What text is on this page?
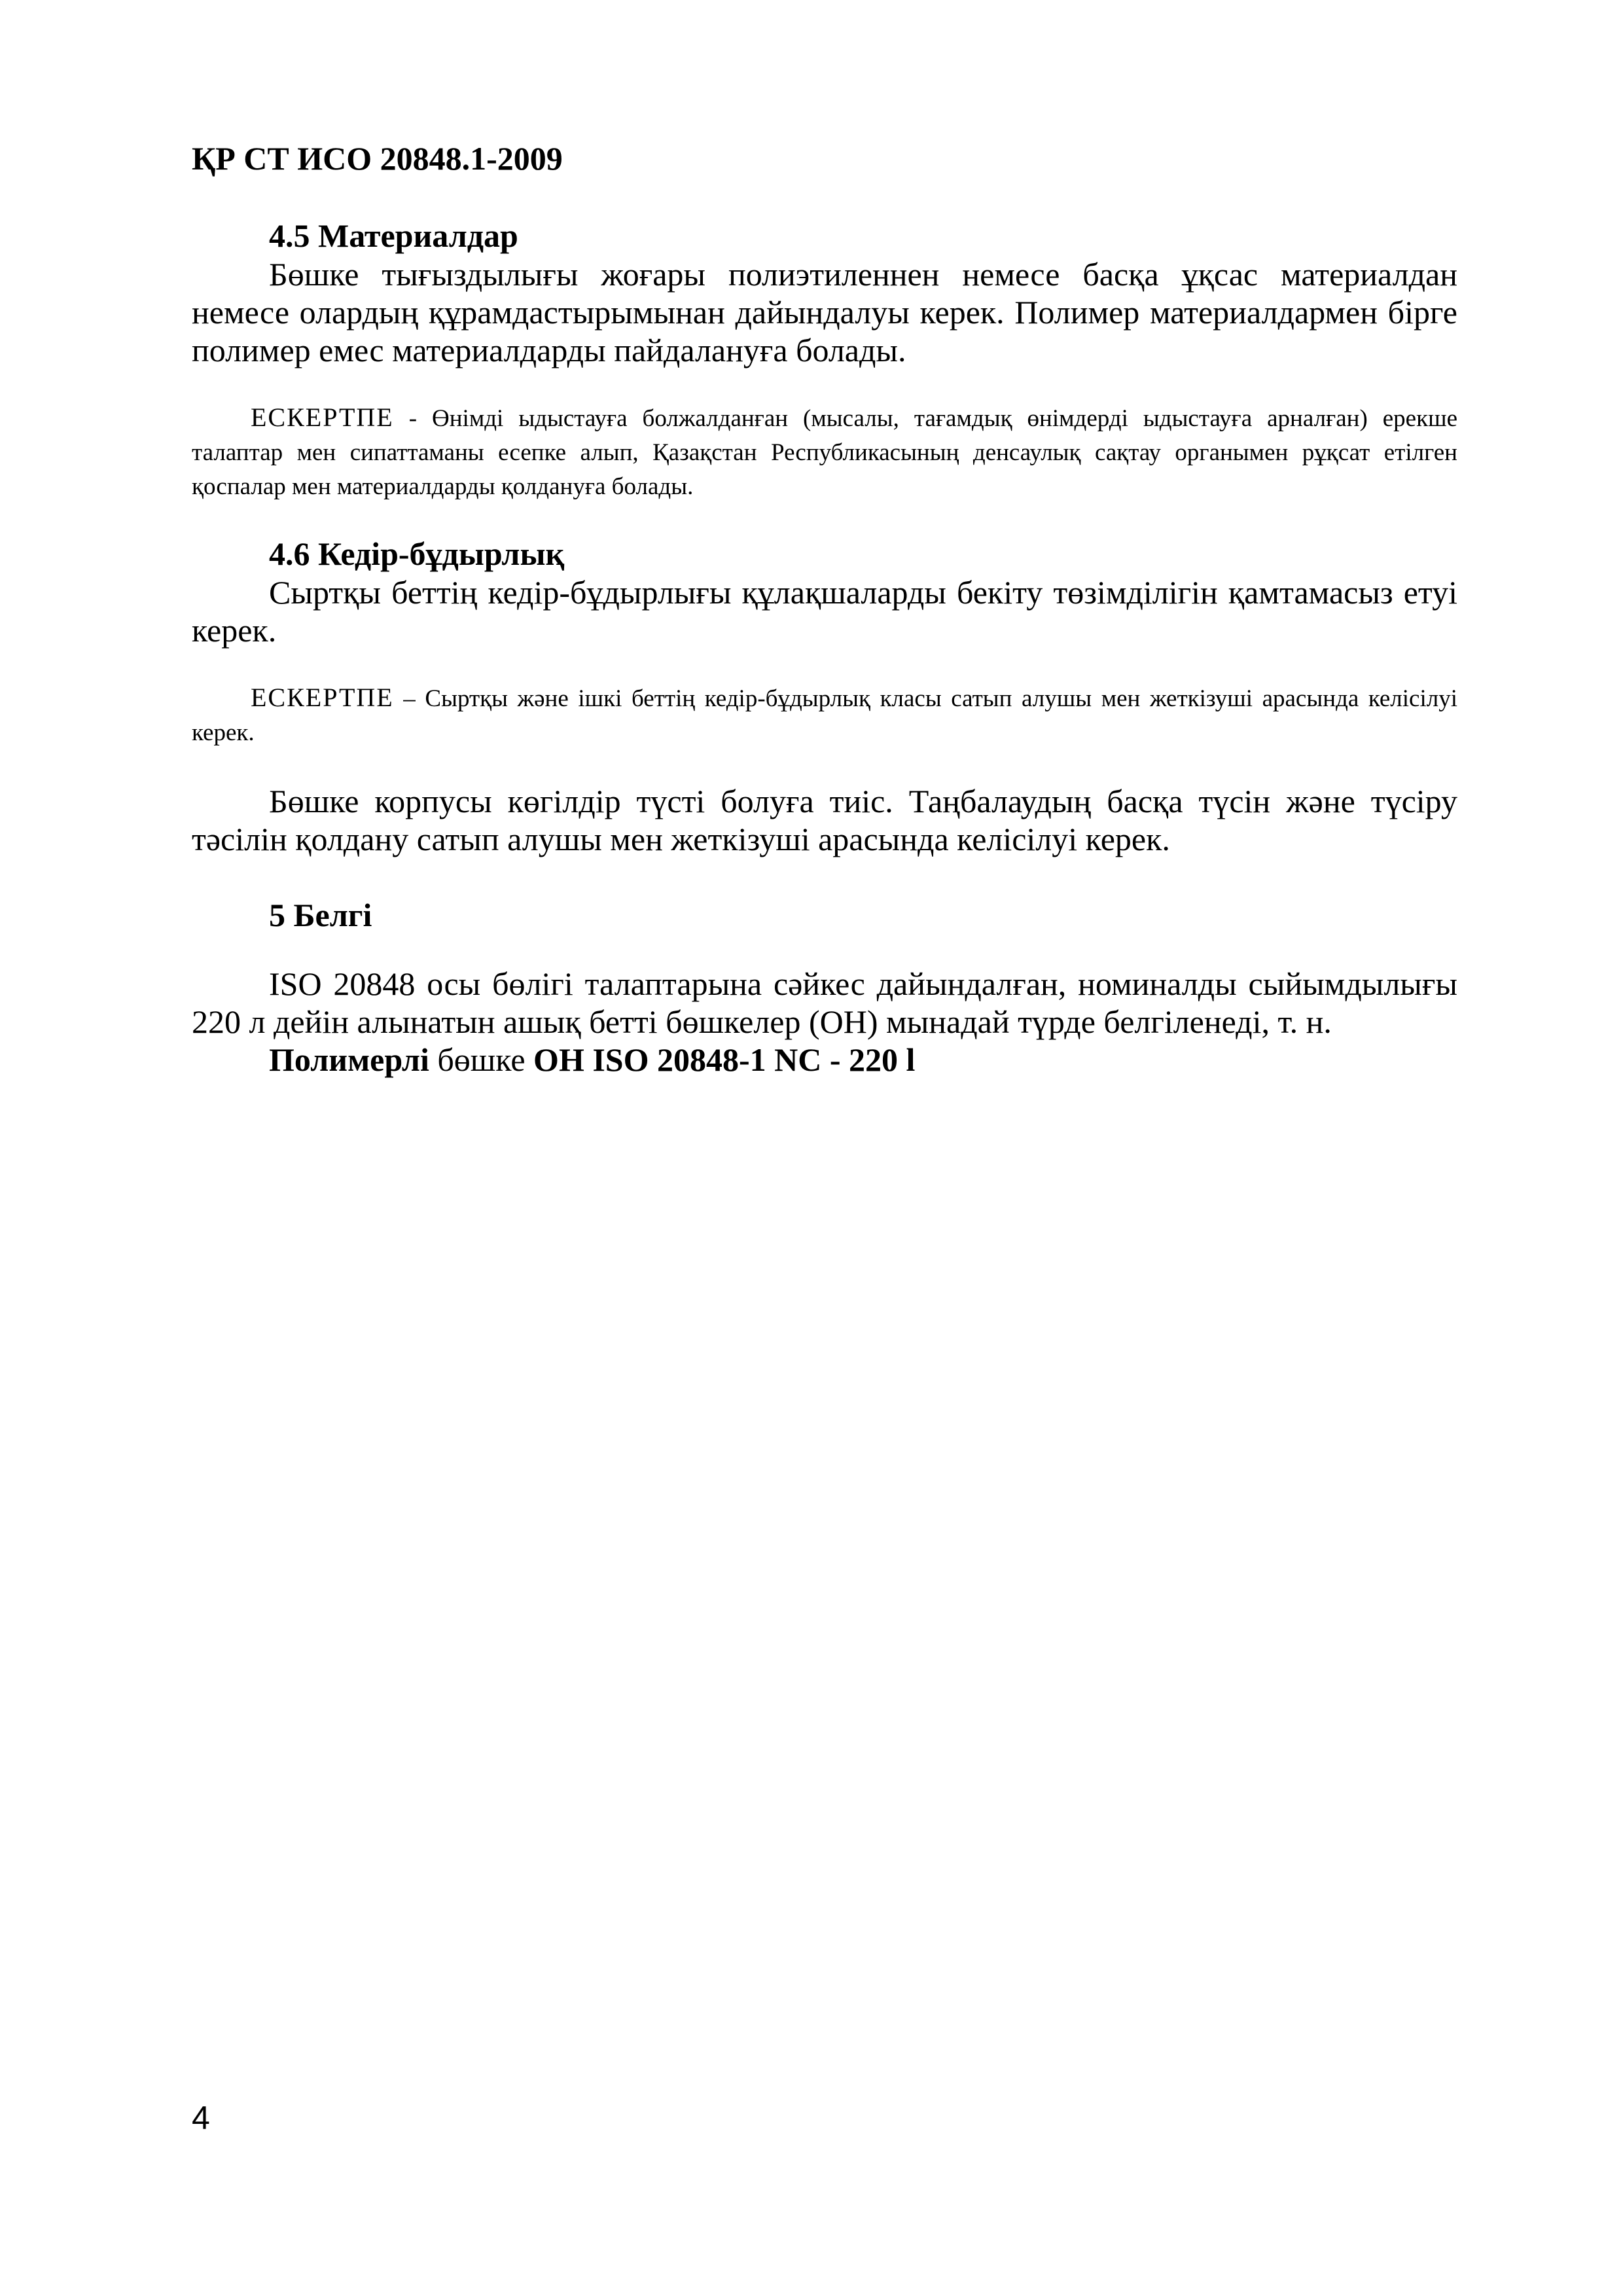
ҚР СТ ИСО 20848.1-2009
4.5 Материалдар

Бөшке тығыздылығы жоғары полиэтиленнен немесе басқа ұқсас материалдан немесе олардың құрамдастырымынан дайындалуы керек. Полимер материалдармен бірге полимер емес материалдарды пайдалануға болады.

ЕСКЕРТПЕ - Өнімді ыдыстауға болжалданған (мысалы, тағамдық өнімдерді ыдыстауға арналған) ерекше талаптар мен сипаттаманы есепке алып, Қазақстан Республикасының денсаулық сақтау органымен рұқсат етілген қоспалар мен материалдарды қолдануға болады.

4.6 Кедір-бұдырлық

Сыртқы беттің кедір-бұдырлығы құлақшаларды бекіту төзімділігін қамтамасыз етуі керек.

ЕСКЕРТПЕ – Сыртқы және ішкі беттің кедір-бұдырлық класы сатып алушы мен жеткізуші арасында келісілуі керек.

Бөшке корпусы көгілдір түсті болуға тиіс. Таңбалаудың басқа түсін және түсіру тәсілін қолдану сатып алушы мен жеткізуші арасында келісілуі керек.

5 Белгі

ISO 20848 осы бөлігі талаптарына сәйкес дайындалған, номиналды сыйымдылығы 220 л дейін алынатын ашық бетті бөшкелер (ОН) мынадай түрде белгіленеді, т. н.

Полимерлі бөшке ОН ISO 20848-1 NC - 220 l
4
